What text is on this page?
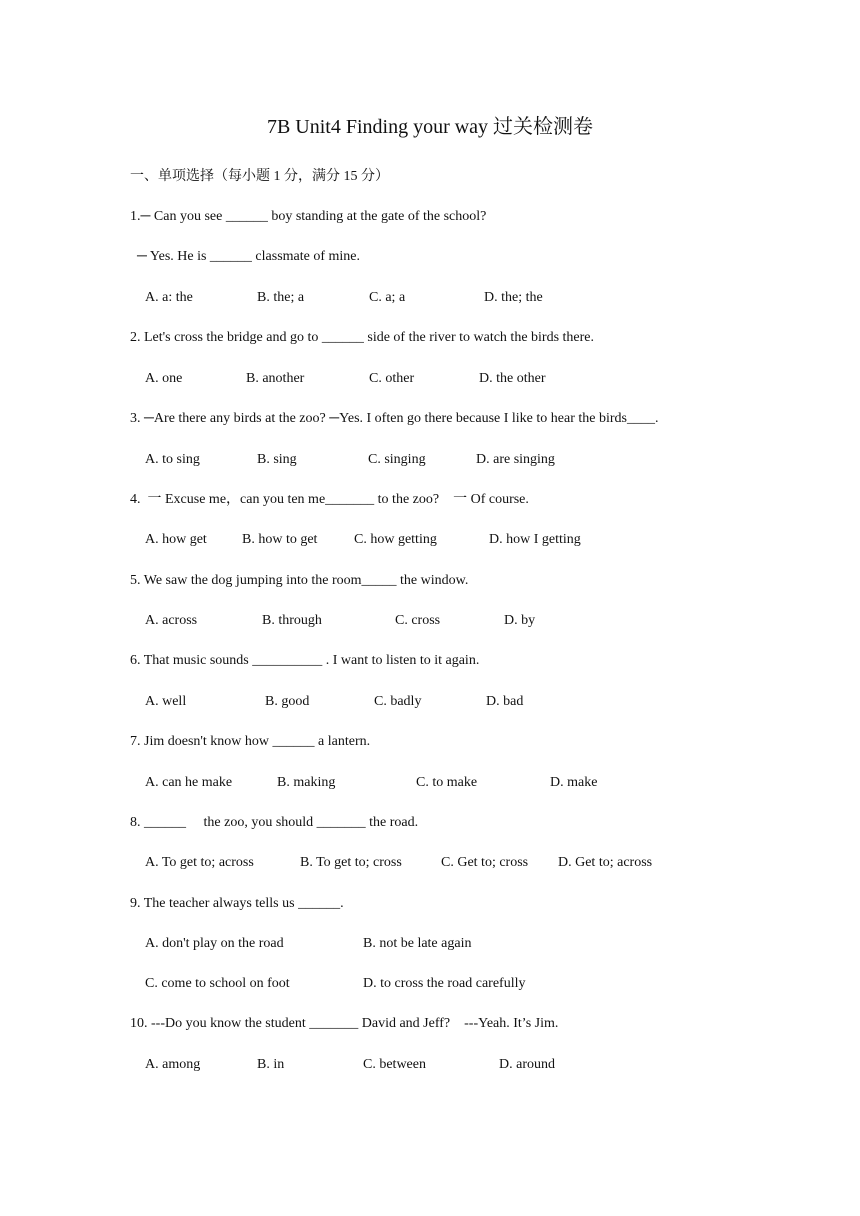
7B Unit4 Finding your way 过关检测卷
一、单项选择（每小题 1 分，满分 15 分）
1.─ Can you see ______ boy standing at the gate of the school?
─ Yes. He is ______ classmate of mine.
A. a: the	B. the; a	C. a; a	D. the; the
2. Let's cross the bridge and go to ______ side of the river to watch the birds there.
A. one	B. another	C. other	D. the other
3. ─Are there any birds at the zoo? ─Yes. I often go there because I like to hear the birds____.
A. to sing	B. sing	C. singing	D. are singing
4.  一 Excuse me，can you ten me_______ to the zoo?    一 Of course.
A. how get	B. how to get	C. how getting	D. how I getting
5. We saw the dog jumping into the room_____ the window.
A. across	B. through	C. cross	D. by
6. That music sounds __________ . I want to listen to it again.
A. well	B. good	C. badly	D. bad
7. Jim doesn't know how ______ a lantern.
A. can he make	B. making	C. to make	D. make
8. ______     the zoo, you should _______ the road.
A. To get to; across	B. To get to; cross	C. Get to; cross D. Get to; across
9. The teacher always tells us ______.
A. don't play on the road	B. not be late again
C. come to school on foot	D. to cross the road carefully
10. ---Do you know the student _______ David and Jeff?    ---Yeah. It’s Jim.
A. among	B. in	C. between	D. around
